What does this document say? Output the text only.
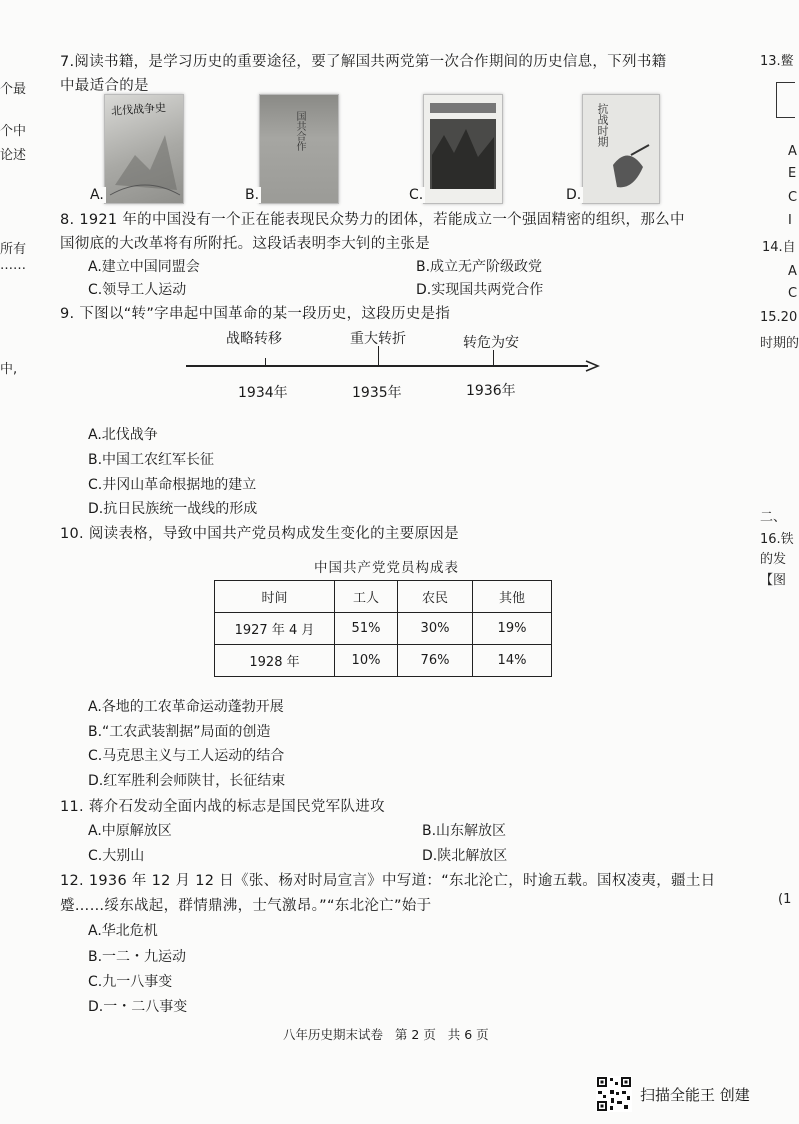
个最
个中
论述
所有
……
中,
13.鳖
A
E
C
I
14.自
A
C
15.20
时期的
二、
16.铁
的发
【图
(1
7.阅读书籍，是学习历史的重要途径，要了解国共两党第一次合作期间的历史信息，下列书籍
中最适合的是
北伐战争史
国共合作	抗战时期
A.	B.	C.	D.
8. 1921 年的中国没有一个正在能表现民众势力的团体，若能成立一个强固精密的组织，那么中
国彻底的大改革将有所附托。这段话表明李大钊的主张是
A.建立中国同盟会	B.成立无产阶级政党
C.领导工人运动	D.实现国共两党合作
9. 下图以“转”字串起中国革命的某一段历史，这段历史是指
战略转移	重大转折	转危为安
1934年	1935年	1936年
A.北伐战争
B.中国工农红军长征
C.井冈山革命根据地的建立
D.抗日民族统一战线的形成
10. 阅读表格，导致中国共产党员构成发生变化的主要原因是
中国共产党党员构成表
时间	工人	农民	其他
1927 年 4 月	51%	30%	19%
1928 年	10%	76%	14%
A.各地的工农革命运动蓬勃开展
B.“工农武装割据”局面的创造
C.马克思主义与工人运动的结合
D.红军胜利会师陕甘，长征结束
11. 蒋介石发动全面内战的标志是国民党军队进攻
A.中原解放区	B.山东解放区
C.大别山	D.陕北解放区
12. 1936 年 12 月 12 日《张、杨对时局宣言》中写道：“东北沦亡，时逾五载。国权凌夷，疆土日
蹙……绥东战起，群情鼎沸，士气激昂。”“东北沦亡”始于
A.华北危机
B.一二・九运动
C.九一八事变
D.一・二八事变
八年历史期末试卷   第 2 页   共 6 页
扫描全能王 创建
